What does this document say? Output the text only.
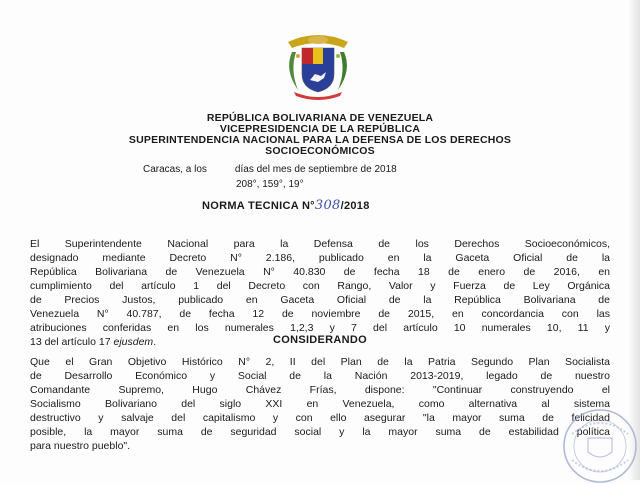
REPÚBLICA BOLIVARIANA DE VENEZUELA
VICEPRESIDENCIA DE LA REPÚBLICA
SUPERINTENDENCIA NACIONAL PARA LA DEFENSA DE LOS DERECHOS
SOCIOECONÓMICOS
Caracas, a los	días del mes de septiembre de 2018
208°, 159°, 19°
NORMA TECNICA N°308/2018
El Superintendente Nacional para la Defensa de los Derechos Socioeconómicos,
designado mediante Decreto N° 2.186, publicado en la Gaceta Oficial de la
República Bolivariana de Venezuela N° 40.830 de fecha 18 de enero de 2016, en
cumplimiento del artículo 1 del Decreto con Rango, Valor y Fuerza de Ley Orgánica
de Precios Justos, publicado en Gaceta Oficial de la República Bolivariana de
Venezuela N° 40.787, de fecha 12 de noviembre de 2015, en concordancia con las
atribuciones conferidas en los numerales 1,2,3 y 7 del artículo 10 numerales 10, 11 y
13 del artículo 17 ejusdem.	CONSIDERANDO
Que el Gran Objetivo Histórico N° 2, II del Plan de la Patria Segundo Plan Socialista
de Desarrollo Económico y Social de la Nación 2013-2019, legado de nuestro
Comandante Supremo, Hugo Chávez Frías, dispone: "Continuar construyendo el
Socialismo Bolivariano del siglo XXI en Venezuela, como alternativa al sistema
destructivo y salvaje del capitalismo y con ello asegurar "la mayor suma de felicidad
posible, la mayor suma de seguridad social y la mayor suma de estabilidad política
para nuestro pueblo".
